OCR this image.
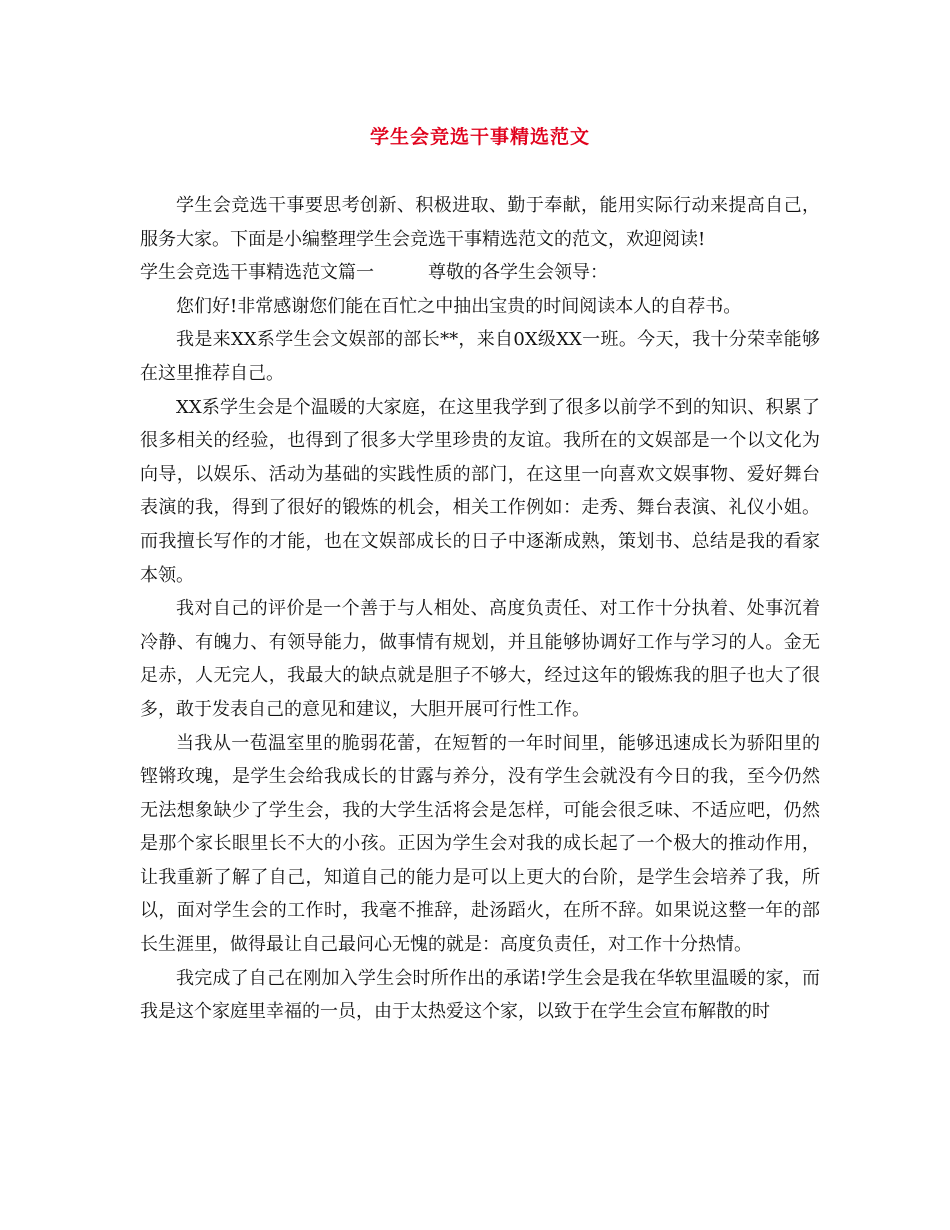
学生会竞选干事精选范文

学生会竞选干事要思考创新、积极进取、勤于奉献，能用实际行动来提高自己，服务大家。下面是小编整理学生会竞选干事精选范文的范文，欢迎阅读!

学生会竞选干事精选范文篇一	尊敬的各学生会领导：

您们好!非常感谢您们能在百忙之中抽出宝贵的时间阅读本人的自荐书。

我是来XX系学生会文娱部的部长**，来自0X级XX一班。今天，我十分荣幸能够在这里推荐自己。

XX系学生会是个温暖的大家庭，在这里我学到了很多以前学不到的知识、积累了很多相关的经验，也得到了很多大学里珍贵的友谊。我所在的文娱部是一个以文化为向导，以娱乐、活动为基础的实践性质的部门，在这里一向喜欢文娱事物、爱好舞台表演的我，得到了很好的锻炼的机会，相关工作例如：走秀、舞台表演、礼仪小姐。而我擅长写作的才能，也在文娱部成长的日子中逐渐成熟，策划书、总结是我的看家本领。

我对自己的评价是一个善于与人相处、高度负责任、对工作十分执着、处事沉着冷静、有魄力、有领导能力，做事情有规划，并且能够协调好工作与学习的人。金无足赤，人无完人，我最大的缺点就是胆子不够大，经过这年的锻炼我的胆子也大了很多，敢于发表自己的意见和建议，大胆开展可行性工作。

当我从一苞温室里的脆弱花蕾，在短暂的一年时间里，能够迅速成长为骄阳里的铿锵玫瑰，是学生会给我成长的甘露与养分，没有学生会就没有今日的我，至今仍然无法想象缺少了学生会，我的大学生活将会是怎样，可能会很乏味、不适应吧，仍然是那个家长眼里长不大的小孩。正因为学生会对我的成长起了一个极大的推动作用，让我重新了解了自己，知道自己的能力是可以上更大的台阶，是学生会培养了我，所以，面对学生会的工作时，我毫不推辞，赴汤蹈火，在所不辞。如果说这整一年的部长生涯里，做得最让自己最问心无愧的就是：高度负责任，对工作十分热情。

我完成了自己在刚加入学生会时所作出的承诺!学生会是我在华软里温暖的家，而我是这个家庭里幸福的一员，由于太热爱这个家，以致于在学生会宣布解散的时
